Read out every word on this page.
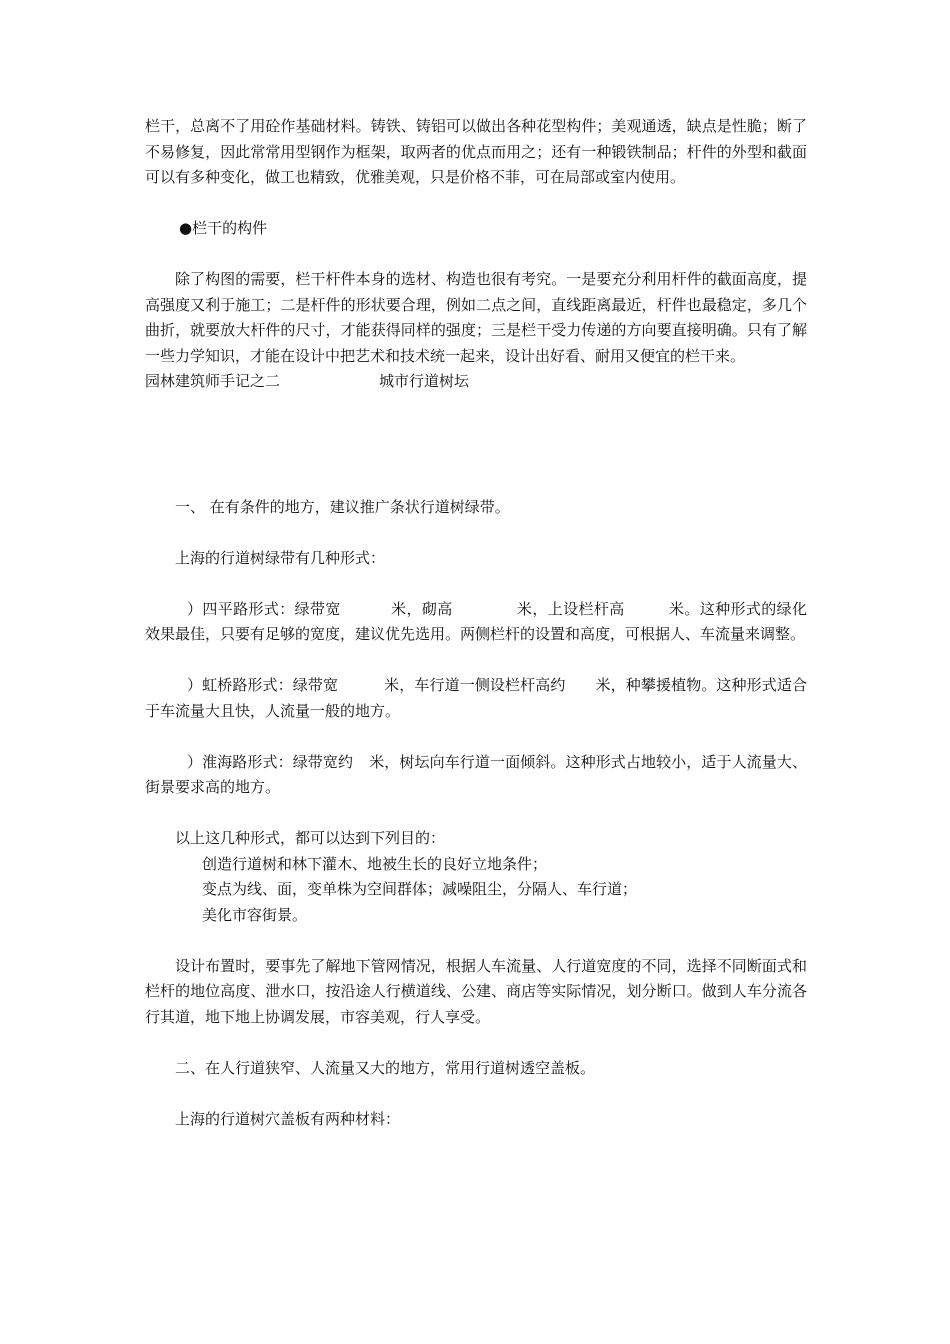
栏干，总离不了用砼作基础材料。铸铁、铸铝可以做出各种花型构件；美观通透，缺点是性脆；断了不易修复，因此常常用型钢作为框架，取两者的优点而用之；还有一种锻铁制品；杆件的外型和截面可以有多种变化，做工也精致，优雅美观，只是价格不菲，可在局部或室内使用。

●栏干的构件

除了构图的需要，栏干杆件本身的选材、构造也很有考究。一是要充分利用杆件的截面高度，提高强度又利于施工；二是杆件的形状要合理，例如二点之间，直线距离最近，杆件也最稳定，多几个曲折，就要放大杆件的尺寸，才能获得同样的强度；三是栏干受力传递的方向要直接明确。只有了解一些力学知识，才能在设计中把艺术和技术统一起来，设计出好看、耐用又便宜的栏干来。

园林建筑师手记之二	城市行道树坛

一、 在有条件的地方，建议推广条状行道树绿带。

上海的行道树绿带有几种形式：

）四平路形式：绿带宽	米，砌高	米，上设栏杆高	米。这种形式的绿化效果最佳，只要有足够的宽度，建议优先选用。两侧栏杆的设置和高度，可根据人、车流量来调整。

）虹桥路形式：绿带宽	米，车行道一侧设栏杆高约 米，种攀援植物。这种形式适合于车流量大且快，人流量一般的地方。

）淮海路形式：绿带宽约 米，树坛向车行道一面倾斜。这种形式占地较小，适于人流量大、街景要求高的地方。

以上这几种形式，都可以达到下列目的：

创造行道树和林下灌木、地被生长的良好立地条件；

变点为线、面，变单株为空间群体；减噪阻尘，分隔人、车行道；

美化市容街景。

设计布置时，要事先了解地下管网情况，根据人车流量、人行道宽度的不同，选择不同断面式和栏杆的地位高度、泄水口，按沿途人行横道线、公建、商店等实际情况，划分断口。做到人车分流各行其道，地下地上协调发展，市容美观，行人享受。

二、在人行道狭窄、人流量又大的地方，常用行道树透空盖板。

上海的行道树穴盖板有两种材料：
